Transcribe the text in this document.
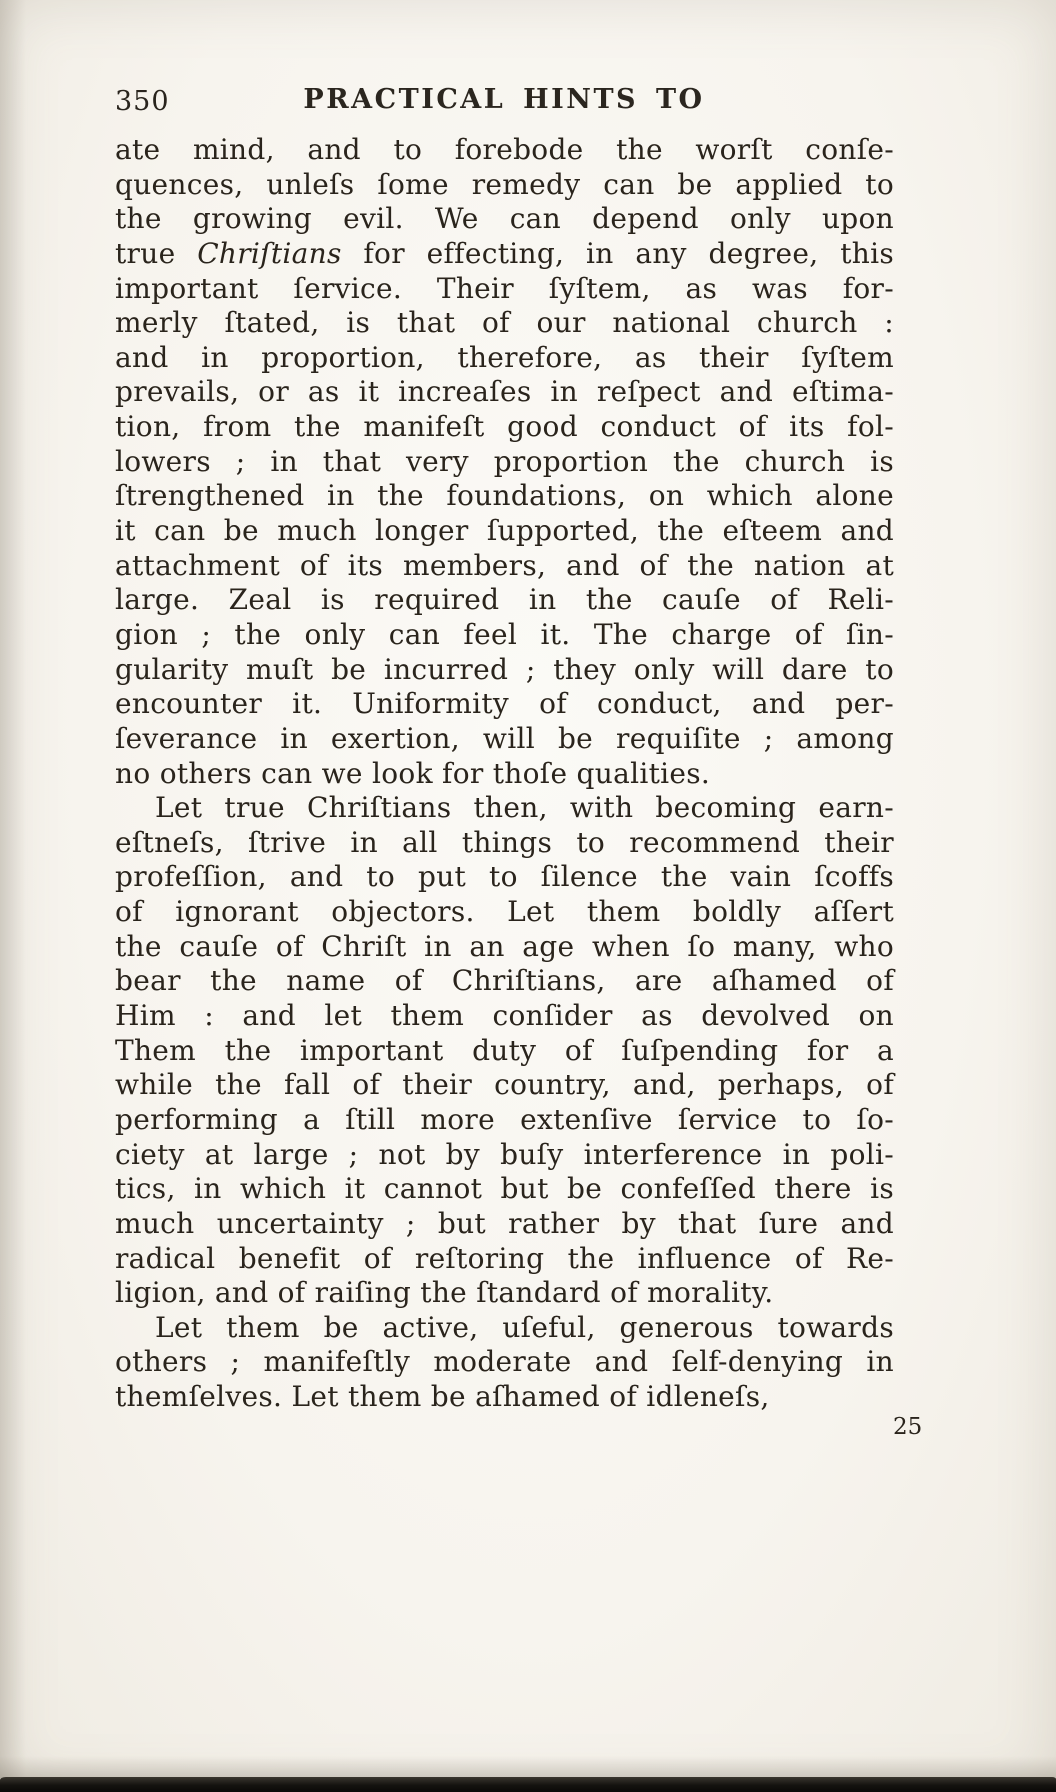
350	PRACTICAL HINTS TO
ate mind, and to forebode the worſt conſe-
quences, unleſs ſome remedy can be applied to
the growing evil. We can depend only upon
true Chriſtians for effecting, in any degree, this
important ſervice. Their ſyſtem, as was for-
merly ſtated, is that of our national church :
and in proportion, therefore, as their ſyſtem
prevails, or as it increaſes in reſpect and eſtima-
tion, from the manifeſt good conduct of its fol-
lowers ; in that very proportion the church is
ſtrengthened in the foundations, on which alone
it can be much longer ſupported, the eſteem and
attachment of its members, and of the nation at
large. Zeal is required in the cauſe of Reli-
gion ; the only can feel it. The charge of ſin-
gularity muſt be incurred ; they only will dare to
encounter it. Uniformity of conduct, and per-
ſeverance in exertion, will be requiſite ; among
no others can we look for thoſe qualities.
Let true Chriſtians then, with becoming earn-
eſtneſs, ſtrive in all things to recommend their
profeſſion, and to put to ſilence the vain ſcoffs
of ignorant objectors. Let them boldly aſſert
the cauſe of Chriſt in an age when ſo many, who
bear the name of Chriſtians, are aſhamed of
Him : and let them conſider as devolved on
Them the important duty of ſuſpending for a
while the fall of their country, and, perhaps, of
performing a ſtill more extenſive ſervice to ſo-
ciety at large ; not by buſy interference in poli-
tics, in which it cannot but be confeſſed there is
much uncertainty ; but rather by that ſure and
radical benefit of reſtoring the influence of Re-
ligion, and of raiſing the ſtandard of morality.
Let them be active, uſeful, generous towards
others ; manifeſtly moderate and ſelf-denying in
themſelves. Let them be aſhamed of idleneſs,
25
